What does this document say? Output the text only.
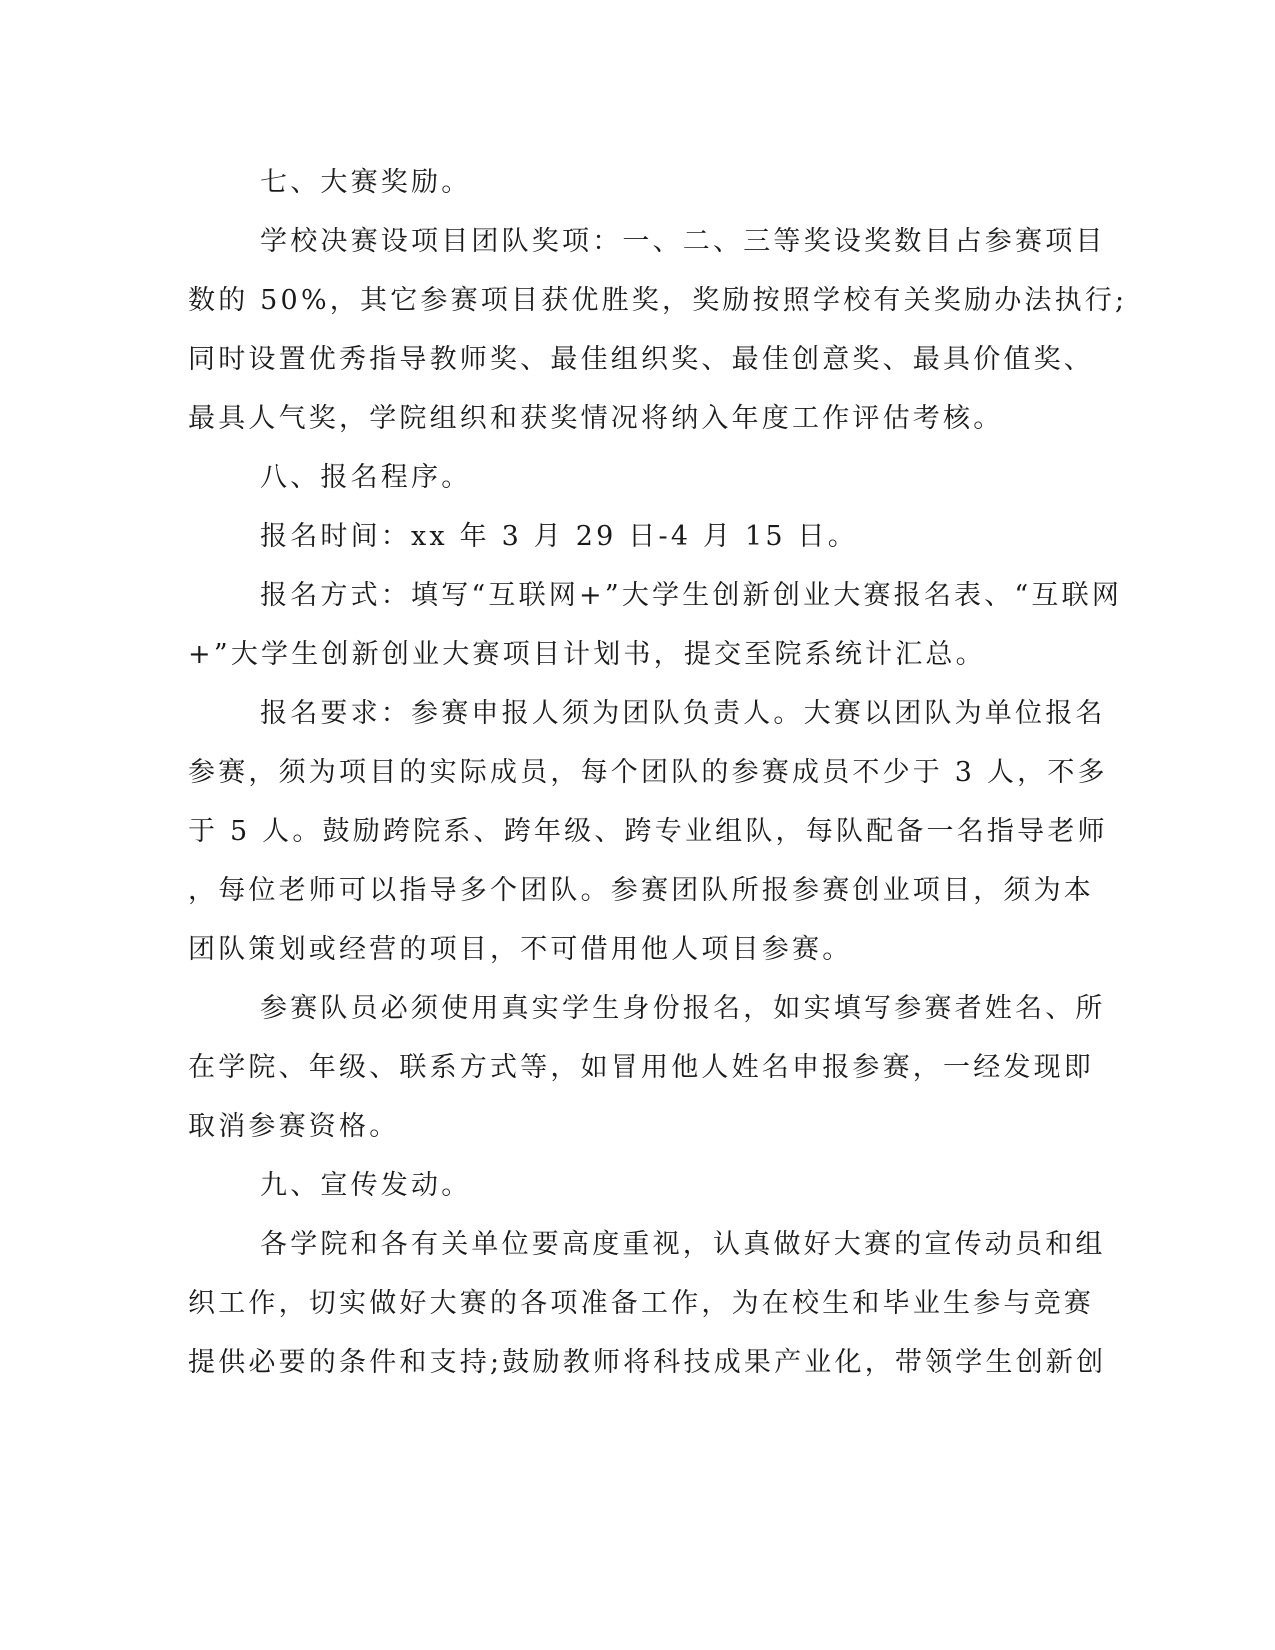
七、大赛奖励。
学校决赛设项目团队奖项：一、二、三等奖设奖数目占参赛项目
数的 50%，其它参赛项目获优胜奖，奖励按照学校有关奖励办法执行;
同时设置优秀指导教师奖、最佳组织奖、最佳创意奖、最具价值奖、
最具人气奖，学院组织和获奖情况将纳入年度工作评估考核。
八、报名程序。
报名时间：xx 年 3 月 29 日-4 月 15 日。
报名方式：填写“互联网+”大学生创新创业大赛报名表、“互联网
+”大学生创新创业大赛项目计划书，提交至院系统计汇总。
报名要求：参赛申报人须为团队负责人。大赛以团队为单位报名
参赛，须为项目的实际成员，每个团队的参赛成员不少于 3 人，不多
于 5 人。鼓励跨院系、跨年级、跨专业组队，每队配备一名指导老师
，每位老师可以指导多个团队。参赛团队所报参赛创业项目，须为本
团队策划或经营的项目，不可借用他人项目参赛。
参赛队员必须使用真实学生身份报名，如实填写参赛者姓名、所
在学院、年级、联系方式等，如冒用他人姓名申报参赛，一经发现即
取消参赛资格。
九、宣传发动。
各学院和各有关单位要高度重视，认真做好大赛的宣传动员和组
织工作，切实做好大赛的各项准备工作，为在校生和毕业生参与竞赛
提供必要的条件和支持;鼓励教师将科技成果产业化，带领学生创新创
